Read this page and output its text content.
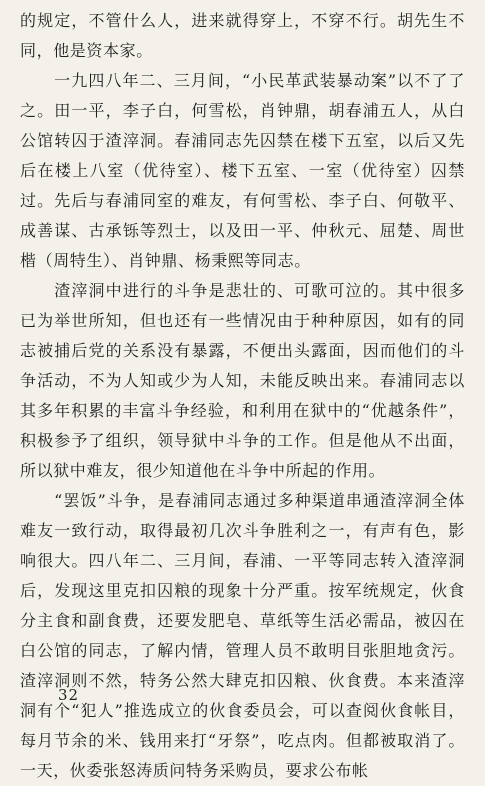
的规定，不管什么人，进来就得穿上，不穿不行。胡先生不同，他是资本家。

　　一九四八年二、三月间，“小民革武装暴动案”以不了了之。田一平，李子白，何雪松，肖钟鼎，胡春浦五人，从白公馆转囚于渣滓洞。春浦同志先囚禁在楼下五室，以后又先后在楼上八室（优待室）、楼下五室、一室（优待室）囚禁过。先后与春浦同室的难友，有何雪松、李子白、何敬平、成善谋、古承铄等烈士，以及田一平、仲秋元、屈楚、周世楷（周特生）、肖钟鼎、杨秉熙等同志。

　　渣滓洞中进行的斗争是悲壮的、可歌可泣的。其中很多已为举世所知，但也还有一些情况由于种种原因，如有的同志被捕后党的关系没有暴露，不便出头露面，因而他们的斗争活动，不为人知或少为人知，未能反映出来。春浦同志以其多年积累的丰富斗争经验，和利用在狱中的“优越条件”，积极参予了组织，领导狱中斗争的工作。但是他从不出面，所以狱中难友，很少知道他在斗争中所起的作用。

　　“罢饭”斗争，是春浦同志通过多种渠道串通渣滓洞全体难友一致行动，取得最初几次斗争胜利之一，有声有色，影响很大。四八年二、三月间，春浦、一平等同志转入渣滓洞后，发现这里克扣囚粮的现象十分严重。按军统规定，伙食分主食和副食费，还要发肥皂、草纸等生活必需品，被囚在白公馆的同志，了解内情，管理人员不敢明目张胆地贪污。渣滓洞则不然，特务公然大肆克扣囚粮、伙食费。本来渣滓洞有个“犯人”推选成立的伙食委员会，可以查阅伙食帐目，每月节余的米、钱用来打“牙祭”，吃点肉。但都被取消了。一天，伙委张怒涛质问特务采购员，要求公布帐

32
